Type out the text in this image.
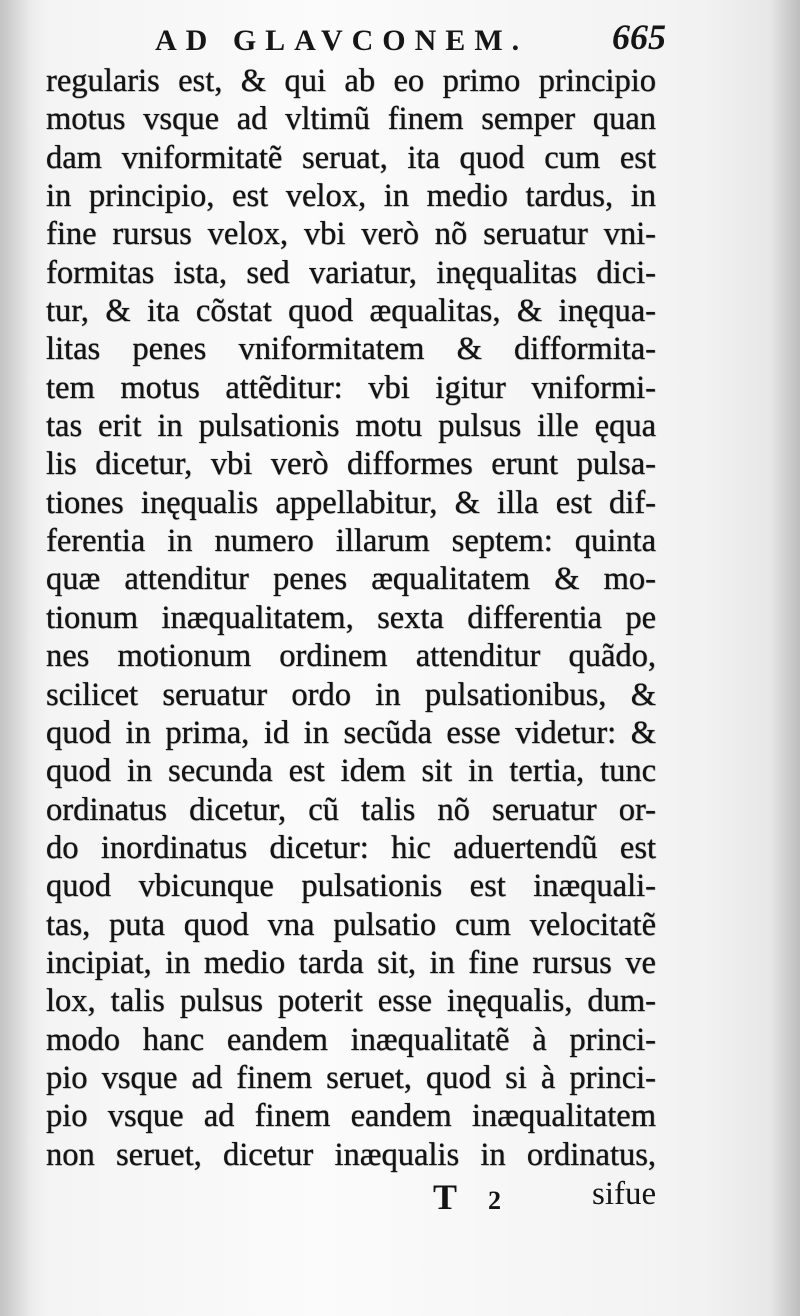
AD GLAVCONEM. 665
regularis est, & qui ab eo primo principio
motus vsque ad vltimũ finem semper quan
dam vniformitatẽ seruat, ita quod cum est
in principio, est velox, in medio tardus, in
fine rursus velox, vbi verò nõ seruatur vni-
formitas ista, sed variatur, inęqualitas dici-
tur, & ita cõstat quod æqualitas, & inęqua-
litas penes vniformitatem & difformita-
tem motus attẽditur: vbi igitur vniformi-
tas erit in pulsationis motu pulsus ille ęqua
lis dicetur, vbi verò difformes erunt pulsa-
tiones inęqualis appellabitur, & illa est dif-
ferentia in numero illarum septem: quinta
quæ attenditur penes æqualitatem & mo-
tionum inæqualitatem, sexta differentia pe
nes motionum ordinem attenditur quãdo,
scilicet seruatur ordo in pulsationibus, &
quod in prima, id in secũda esse videtur: &
quod in secunda est idem sit in tertia, tunc
ordinatus dicetur, cũ talis nõ seruatur or-
do inordinatus dicetur: hic aduertendũ est
quod vbicunque pulsationis est inæquali-
tas, puta quod vna pulsatio cum velocitatẽ
incipiat, in medio tarda sit, in fine rursus ve
lox, talis pulsus poterit esse inęqualis, dum-
modo hanc eandem inæqualitatẽ à princi-
pio vsque ad finem seruet, quod si à princi-
pio vsque ad finem eandem inæqualitatem
non seruet, dicetur inæqualis in ordinatus,
T 2	sifue
